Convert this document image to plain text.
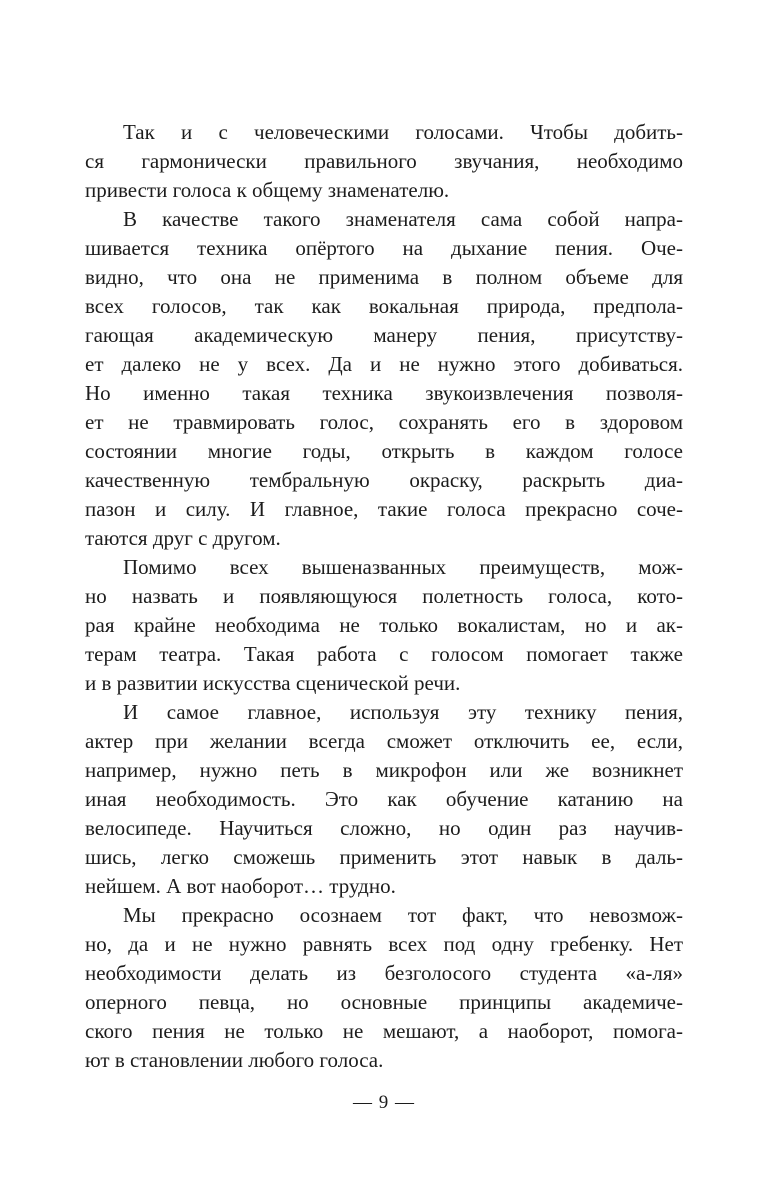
Так и с человеческими голосами. Чтобы добить-
ся гармонически правильного звучания, необходимо
привести голоса к общему знаменателю.
В качестве такого знаменателя сама собой напра-
шивается техника опёртого на дыхание пения. Оче-
видно, что она не применима в полном объеме для
всех голосов, так как вокальная природа, предпола-
гающая академическую манеру пения, присутству-
ет далеко не у всех. Да и не нужно этого добиваться.
Но именно такая техника звукоизвлечения позволя-
ет не травмировать голос, сохранять его в здоровом
состоянии многие годы, открыть в каждом голосе
качественную тембральную окраску, раскрыть диа-
пазон и силу. И главное, такие голоса прекрасно соче-
таются друг с другом.
Помимо всех вышеназванных преимуществ, мож-
но назвать и появляющуюся полетность голоса, кото-
рая крайне необходима не только вокалистам, но и ак-
терам театра. Такая работа с голосом помогает также
и в развитии искусства сценической речи.
И самое главное, используя эту технику пения,
актер при желании всегда сможет отключить ее, если,
например, нужно петь в микрофон или же возникнет
иная необходимость. Это как обучение катанию на
велосипеде. Научиться сложно, но один раз научив-
шись, легко сможешь применить этот навык в даль-
нейшем. А вот наоборот… трудно.
Мы прекрасно осознаем тот факт, что невозмож-
но, да и не нужно равнять всех под одну гребенку. Нет
необходимости делать из безголосого студента «а-ля»
оперного певца, но основные принципы академиче-
ского пения не только не мешают, а наоборот, помога-
ют в становлении любого голоса.
— 9 —
